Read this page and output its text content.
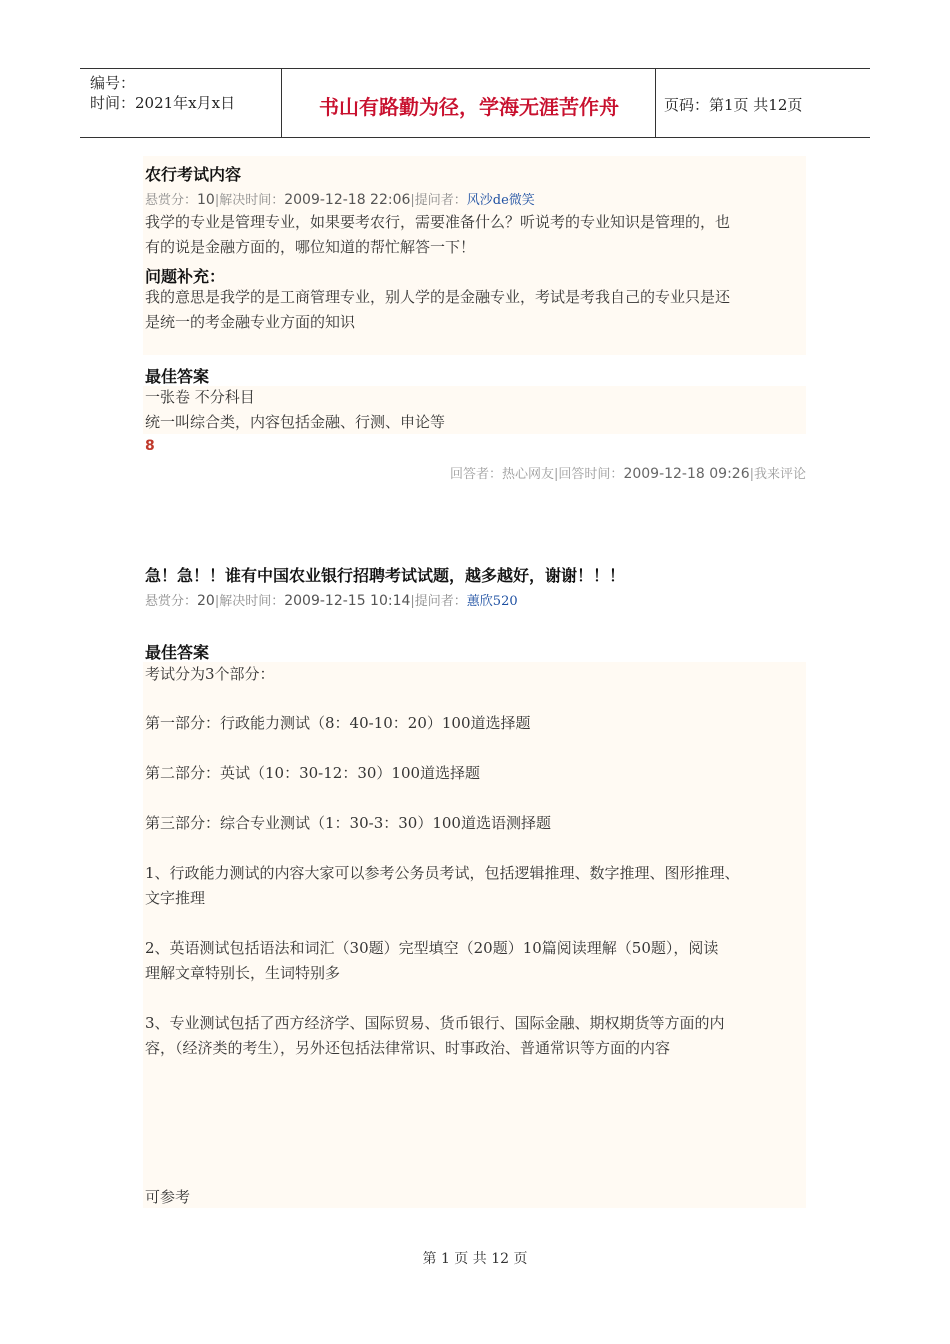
编号：
时间：2021年x月x日	书山有路勤为径，学海无涯苦作舟	页码：第1页 共12页
农行考试内容
悬赏分：10|解决时间：2009-12-18 22:06|提问者：风沙de微笑
我学的专业是管理专业，如果要考农行，需要准备什么？听说考的专业知识是管理的，也
有的说是金融方面的，哪位知道的帮忙解答一下！
问题补充：
我的意思是我学的是工商管理专业，别人学的是金融专业，考试是考我自己的专业只是还
是统一的考金融专业方面的知识
最佳答案
一张卷 不分科目
统一叫综合类，内容包括金融、行测、申论等
8
回答者：热心网友|回答时间：2009-12-18 09:26|我来评论
急！急！！谁有中国农业银行招聘考试试题，越多越好，谢谢！！！
悬赏分：20|解决时间：2009-12-15 10:14|提问者：蕙欣520
最佳答案
考试分为3个部分：
第一部分：行政能力测试（8：40-10：20）100道选择题
第二部分：英试（10：30-12：30）100道选择题
第三部分：综合专业测试（1：30-3：30）100道选语测择题
1、行政能力测试的内容大家可以参考公务员考试，包括逻辑推理、数字推理、图形推理、
文字推理
2、英语测试包括语法和词汇（30题）完型填空（20题）10篇阅读理解（50题），阅读
理解文章特别长，生词特别多
3、专业测试包括了西方经济学、国际贸易、货币银行、国际金融、期权期货等方面的内
容，（经济类的考生），另外还包括法律常识、时事政治、普通常识等方面的内容
可参考
第 1 页 共 12 页
